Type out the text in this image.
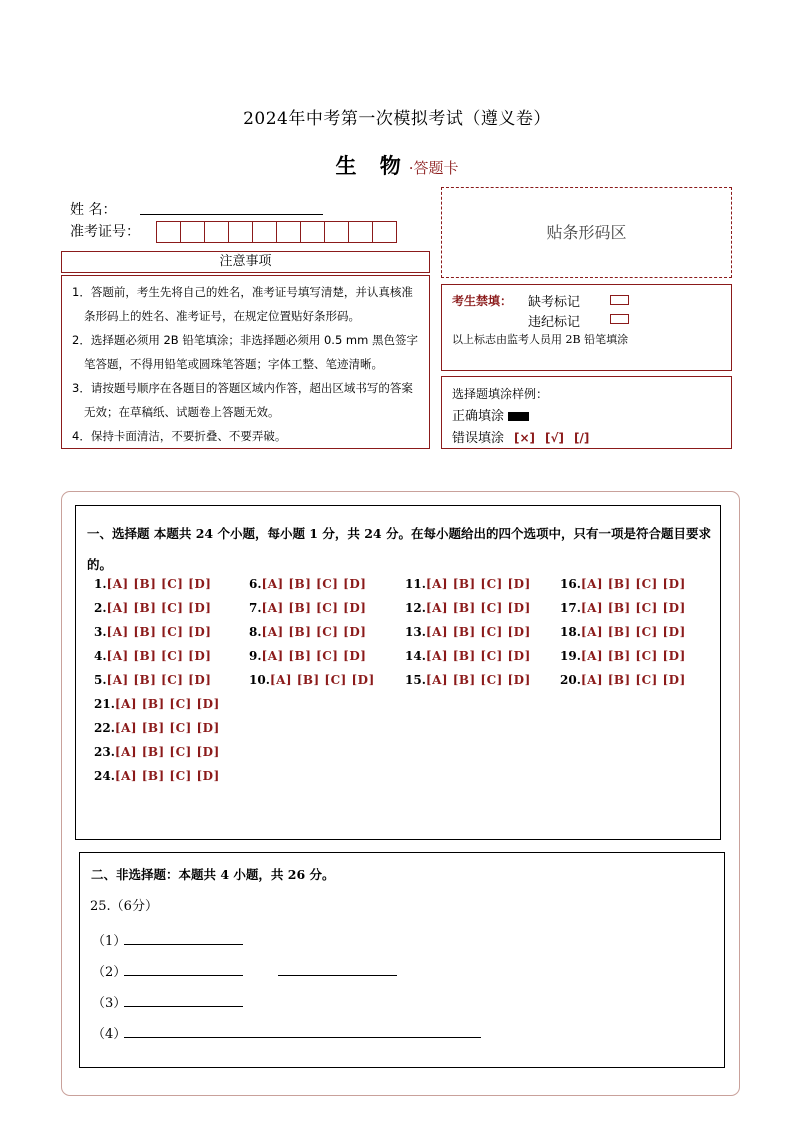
2024年中考第一次模拟考试（遵义卷）
生 物·答题卡
姓 名：
准考证号：
注意事项

1．答题前，考生先将自己的姓名，准考证号填写清楚，并认真核准条形码上的姓名、准考证号，在规定位置贴好条形码。

2．选择题必须用 2B 铅笔填涂；非选择题必须用 0.5 mm 黑色签字笔答题，不得用铅笔或圆珠笔答题；字体工整、笔迹清晰。

3．请按题号顺序在各题目的答题区域内作答，超出区域书写的答案无效；在草稿纸、试题卷上答题无效。

4．保持卡面清洁，不要折叠、不要弄破。

贴条形码区
考生禁填： 缺考标记
违纪标记
以上标志由监考人员用 2B 铅笔填涂
选择题填涂样例：
正确填涂
错误填涂 [×] [√] [/]
一、选择题 本题共 24 个小题，每小题 1 分，共 24 分。在每小题给出的四个选项中，只有一项是符合题目要求的。
1.[A] [B] [C] [D]
2.[A] [B] [C] [D]
3.[A] [B] [C] [D]
4.[A] [B] [C] [D]
5.[A] [B] [C] [D]
6.[A] [B] [C] [D]
7.[A] [B] [C] [D]
8.[A] [B] [C] [D]
9.[A] [B] [C] [D]
10.[A] [B] [C] [D]
11.[A] [B] [C] [D]
12.[A] [B] [C] [D]
13.[A] [B] [C] [D]
14.[A] [B] [C] [D]
15.[A] [B] [C] [D]
16.[A] [B] [C] [D]
17.[A] [B] [C] [D]
18.[A] [B] [C] [D]
19.[A] [B] [C] [D]
20.[A] [B] [C] [D]
21.[A] [B] [C] [D]
22.[A] [B] [C] [D]
23.[A] [B] [C] [D]
24.[A] [B] [C] [D]
二、非选择题：本题共 4 小题，共 26 分。
25.（6分）
（1）
（2）
（3）
（4）
